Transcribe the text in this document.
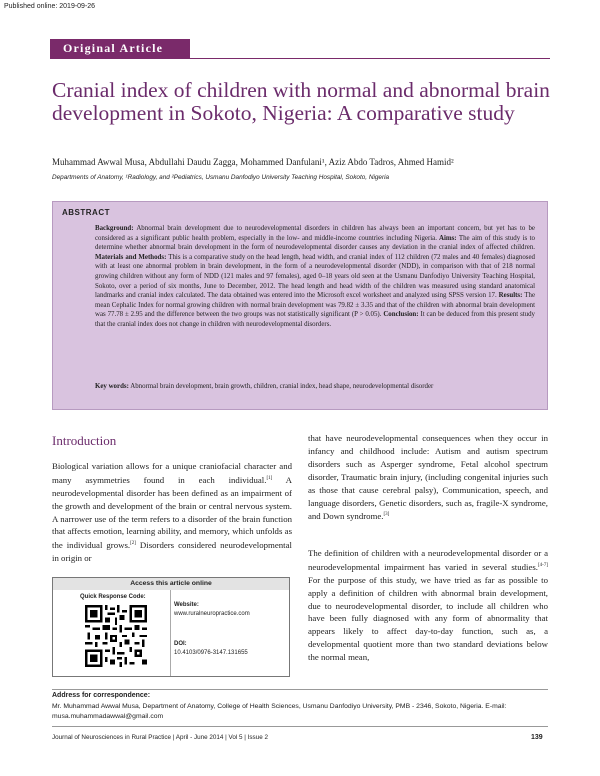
Published online: 2019-09-26
Original Article
Cranial index of children with normal and abnormal brain development in Sokoto, Nigeria: A comparative study
Muhammad Awwal Musa, Abdullahi Daudu Zagga, Mohammed Danfulani¹, Aziz Abdo Tadros, Ahmed Hamid²
Departments of Anatomy, ¹Radiology, and ²Pediatrics, Usmanu Danfodiyo University Teaching Hospital, Sokoto, Nigeria
ABSTRACT
Background: Abnormal brain development due to neurodevelopmental disorders in children has always been an important concern, but yet has to be considered as a significant public health problem, especially in the low- and middle-income countries including Nigeria. Aims: The aim of this study is to determine whether abnormal brain development in the form of neurodevelopmental disorder causes any deviation in the cranial index of affected children. Materials and Methods: This is a comparative study on the head length, head width, and cranial index of 112 children (72 males and 40 females) diagnosed with at least one abnormal problem in brain development, in the form of a neurodevelopmental disorder (NDD), in comparison with that of 218 normal growing children without any form of NDD (121 males and 97 females), aged 0–18 years old seen at the Usmanu Danfodiyo University Teaching Hospital, Sokoto, over a period of six months, June to December, 2012. The head length and head width of the children was measured using standard anatomical landmarks and cranial index calculated. The data obtained was entered into the Microsoft excel worksheet and analyzed using SPSS version 17. Results: The mean Cephalic Index for normal growing children with normal brain development was 79.82 ± 3.35 and that of the children with abnormal brain development was 77.78 ± 2.95 and the difference between the two groups was not statistically significant (P > 0.05). Conclusion: It can be deduced from this present study that the cranial index does not change in children with neurodevelopmental disorders.
Key words: Abnormal brain development, brain growth, children, cranial index, head shape, neurodevelopmental disorder
Introduction
Biological variation allows for a unique craniofacial character and many asymmetries found in each individual.[1] A neurodevelopmental disorder has been defined as an impairment of the growth and development of the brain or central nervous system. A narrower use of the term refers to a disorder of the brain function that affects emotion, learning ability, and memory, which unfolds as the individual grows.[2] Disorders considered neurodevelopmental in origin or
that have neurodevelopmental consequences when they occur in infancy and childhood include: Autism and autism spectrum disorders such as Asperger syndrome, Fetal alcohol spectrum disorder, Traumatic brain injury, (including congenital injuries such as those that cause cerebral palsy), Communication, speech, and language disorders, Genetic disorders, such as, fragile-X syndrome, and Down syndrome.[3]
The definition of children with a neurodevelopmental disorder or a neurodevelopmental impairment has varied in several studies.[4-7] For the purpose of this study, we have tried as far as possible to apply a definition of children with abnormal brain development, due to neurodevelopmental disorder, to include all children who have been fully diagnosed with any form of abnormality that appears likely to affect day-to-day function, such as, a developmental quotient more than two standard deviations below the normal mean,
Access this article online
Quick Response Code:
Website:
www.ruralneuropractice.com
DOI:
10.4103/0976-3147.131655
Address for correspondence:
Mr. Muhammad Awwal Musa, Department of Anatomy, College of Health Sciences, Usmanu Danfodiyo University, PMB - 2346, Sokoto, Nigeria. E-mail: musa.muhammadawwal@gmail.com
Journal of Neurosciences in Rural Practice | April - June 2014 | Vol 5 | Issue 2	139
